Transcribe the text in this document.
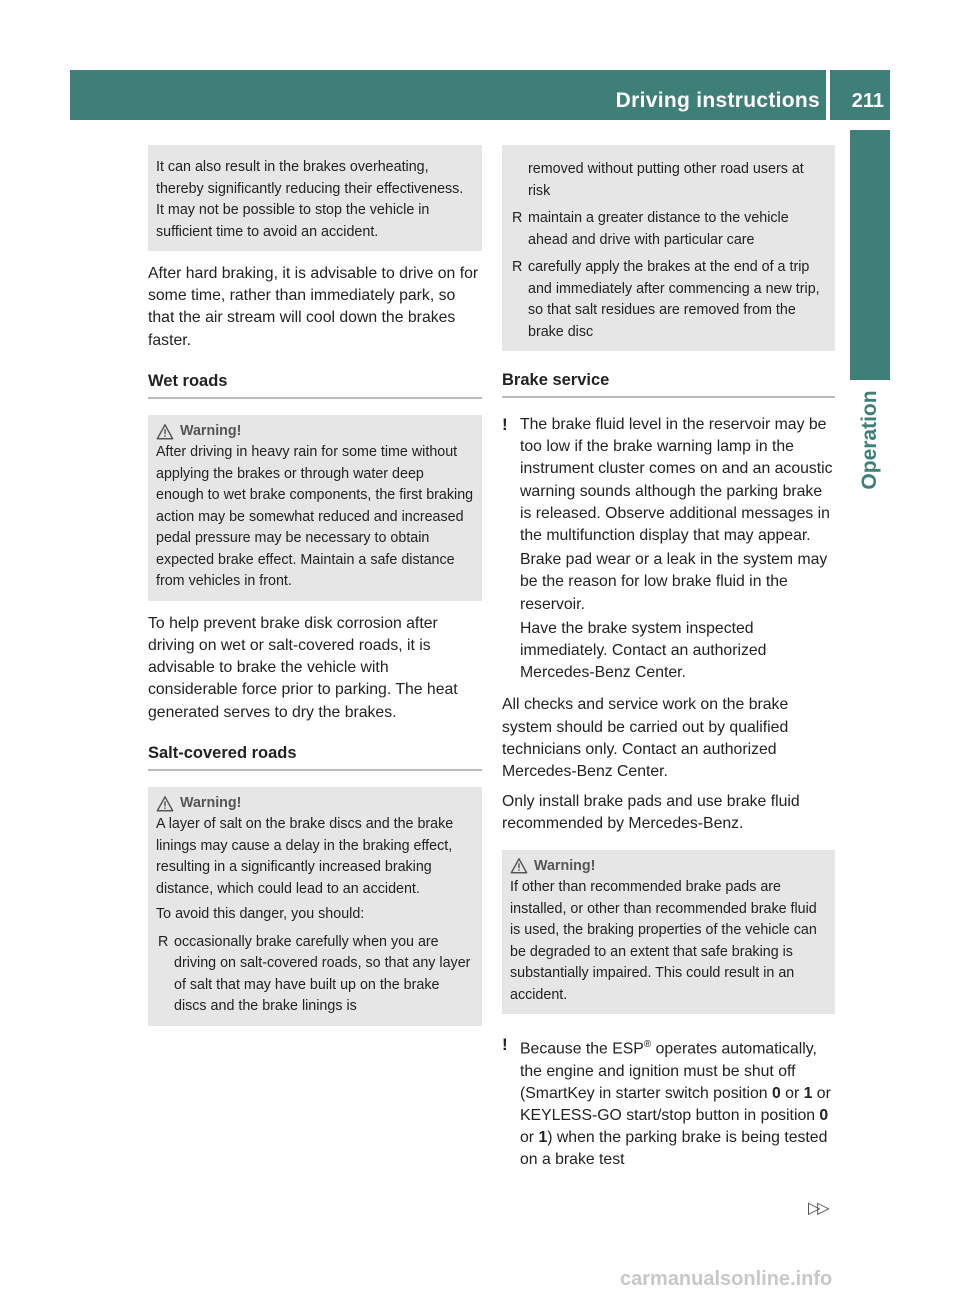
Driving instructions 211
Operation

It can also result in the brakes overheating, thereby significantly reducing their effectiveness. It may not be possible to stop the vehicle in sufficient time to avoid an accident.

After hard braking, it is advisable to drive on for some time, rather than immediately park, so that the air stream will cool down the brakes faster.

Wet roads
Warning!

After driving in heavy rain for some time without applying the brakes or through water deep enough to wet brake components, the first braking action may be somewhat reduced and increased pedal pressure may be necessary to obtain expected brake effect. Maintain a safe distance from vehicles in front.

To help prevent brake disk corrosion after driving on wet or salt-covered roads, it is advisable to brake the vehicle with considerable force prior to parking. The heat generated serves to dry the brakes.

Salt-covered roads
Warning!

A layer of salt on the brake discs and the brake linings may cause a delay in the braking effect, resulting in a significantly increased braking distance, which could lead to an accident.

To avoid this danger, you should:

R occasionally brake carefully when you are driving on salt-covered roads, so that any layer of salt that may have built up on the brake discs and the brake linings is
removed without putting other road users at risk
R maintain a greater distance to the vehicle ahead and drive with particular care
R carefully apply the brakes at the end of a trip and immediately after commencing a new trip, so that salt residues are removed from the brake disc
Brake service
! The brake fluid level in the reservoir may be too low if the brake warning lamp in the instrument cluster comes on and an acoustic warning sounds although the parking brake is released. Observe additional messages in the multifunction display that may appear.

Brake pad wear or a leak in the system may be the reason for low brake fluid in the reservoir.

Have the brake system inspected immediately. Contact an authorized Mercedes-Benz Center.

All checks and service work on the brake system should be carried out by qualified technicians only. Contact an authorized Mercedes-Benz Center.

Only install brake pads and use brake fluid recommended by Mercedes-Benz.

Warning!

If other than recommended brake pads are installed, or other than recommended brake fluid is used, the braking properties of the vehicle can be degraded to an extent that safe braking is substantially impaired. This could result in an accident.

! Because the ESP® operates automatically, the engine and ignition must be shut off (SmartKey in starter switch position 0 or 1 or KEYLESS-GO start/stop button in position 0 or 1) when the parking brake is being tested on a brake test

▷▷
carmanualsonline.info
